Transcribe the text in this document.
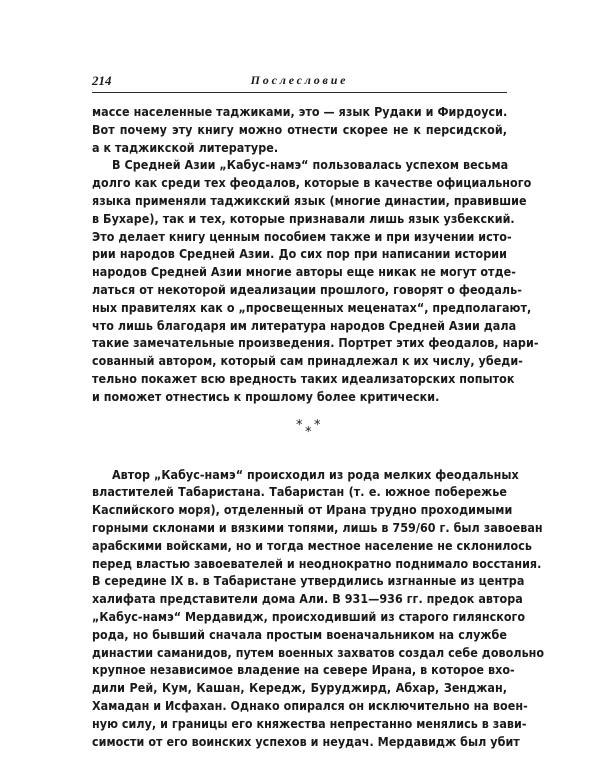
214	Послесловие
массе населенные таджиками, это — язык Рудаки и Фирдоуси.
Вот почему эту книгу можно отнести скорее не к персидской,
а к таджикской литературе.
В Средней Азии „Кабус-намэ“ пользовалась успехом весьма
долго как среди тех феодалов, которые в качестве официального
языка применяли таджикский язык (многие династии, правившие
в Бухаре), так и тех, которые признавали лишь язык узбекский.
Это делает книгу ценным пособием также и при изучении исто-
рии народов Средней Азии. До сих пор при написании истории
народов Средней Азии многие авторы еще никак не могут отде-
латься от некоторой идеализации прошлого, говорят о феодаль-
ных правителях как о „просвещенных меценатах“, предполагают,
что лишь благодаря им литература народов Средней Азии дала
такие замечательные произведения. Портрет этих феодалов, нари-
сованный автором, который сам принадлежал к их числу, убеди-
тельно покажет всю вредность таких идеализаторских попыток
и поможет отнестись к прошлому более критически.
* *
*
Автор „Кабус-намэ“ происходил из рода мелких феодальных
властителей Табаристана. Табаристан (т. е. южное побережье
Каспийского моря), отделенный от Ирана трудно проходимыми
горными склонами и вязкими топями, лишь в 759/60 г. был завоеван
арабскими войсками, но и тогда местное население не склонилось
перед властью завоевателей и неоднократно поднимало восстания.
В середине IX в. в Табаристане утвердились изгнанные из центра
халифата представители дома Али. В 931—936 гг. предок автора
„Кабус-намэ“ Мердавидж, происходивший из старого гилянского
рода, но бывший сначала простым военачальником на службе
династии саманидов, путем военных захватов создал себе довольно
крупное независимое владение на севере Ирана, в которое вхо-
дили Рей, Кум, Кашан, Кередж, Буруджирд, Абхар, Зенджан,
Хамадан и Исфахан. Однако опирался он исключительно на воен-
ную силу, и границы его княжества непрестанно менялись в зави-
симости от его воинских успехов и неудач. Мердавидж был убит
